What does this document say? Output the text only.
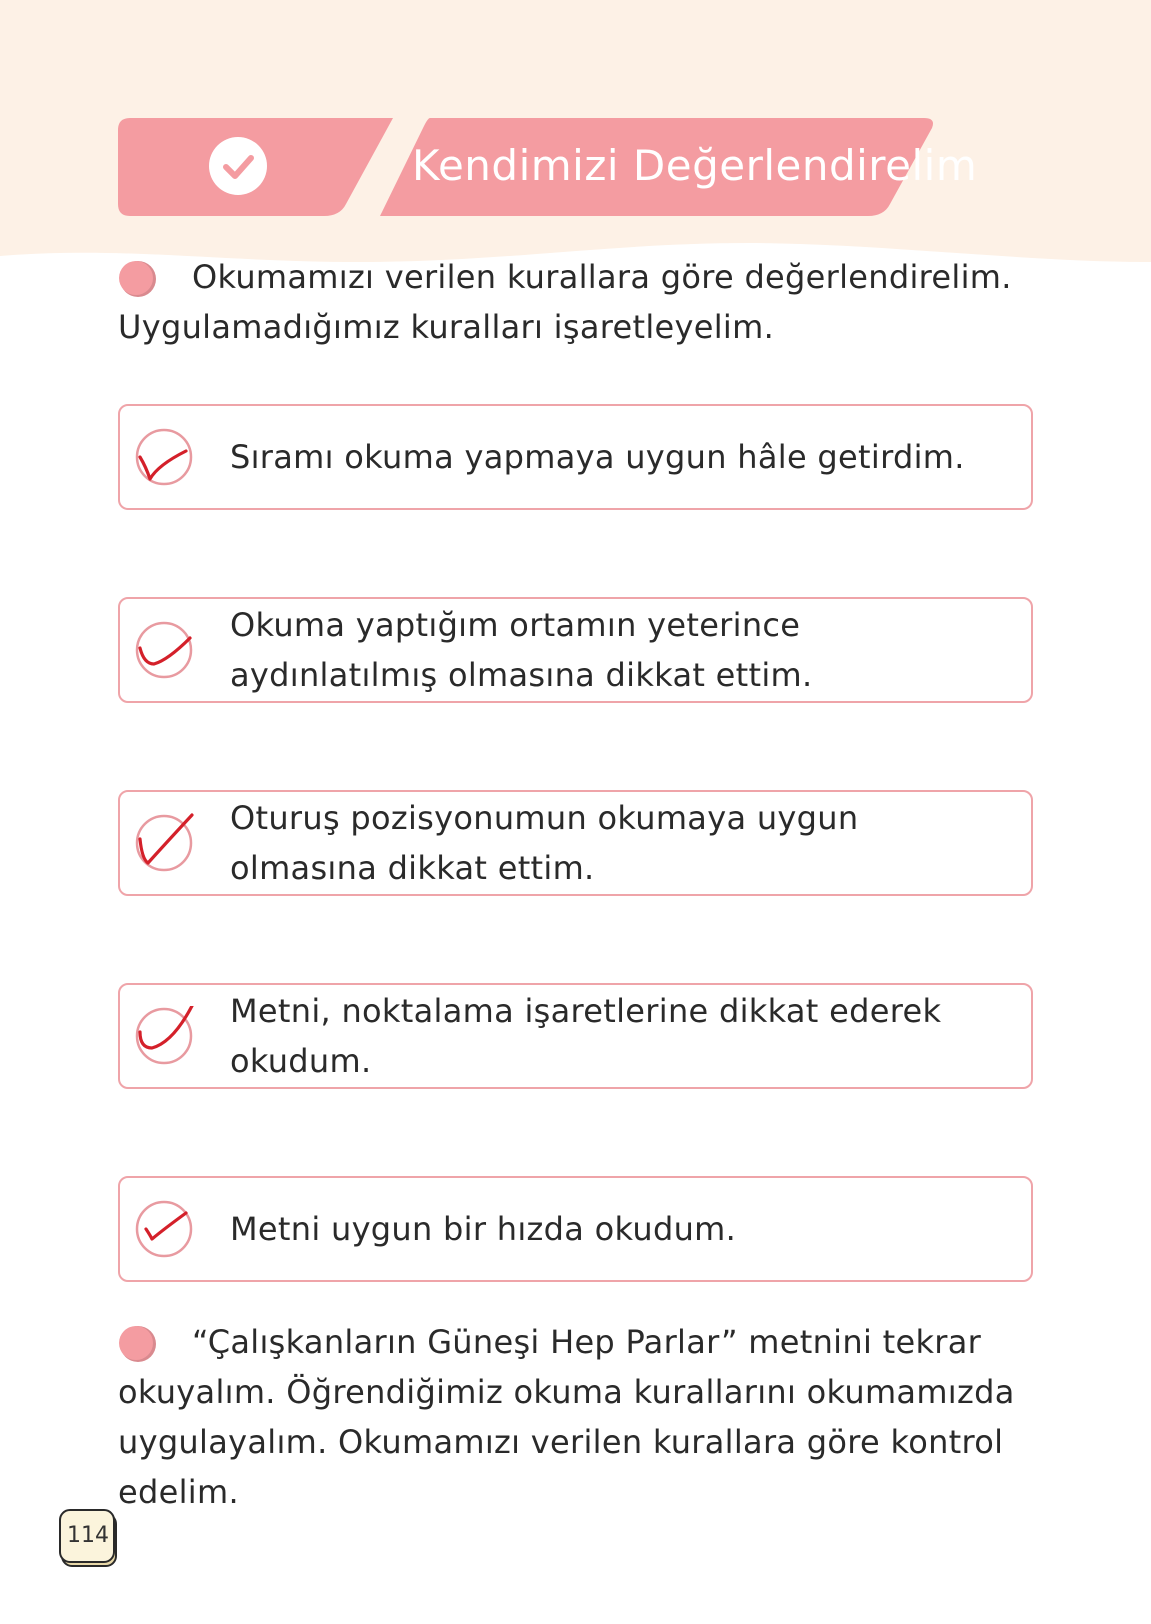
Kendimizi Değerlendirelim
Okumamızı verilen kurallara göre değerlendirelim. Uygulamadığımız kuralları işaretleyelim.
Sıramı okuma yapmaya uygun hâle getirdim.
Okuma yaptığım ortamın yeterince aydınlatılmış olmasına dikkat ettim.
Oturuş pozisyonumun okumaya uygun olmasına dikkat ettim.
Metni, noktalama işaretlerine dikkat ederek okudum.
Metni uygun bir hızda okudum.
“Çalışkanların Güneşi Hep Parlar” metnini tekrar okuyalım. Öğrendiğimiz okuma kurallarını okumamızda uygulayalım. Okumamızı verilen kurallara göre kontrol edelim.
114
